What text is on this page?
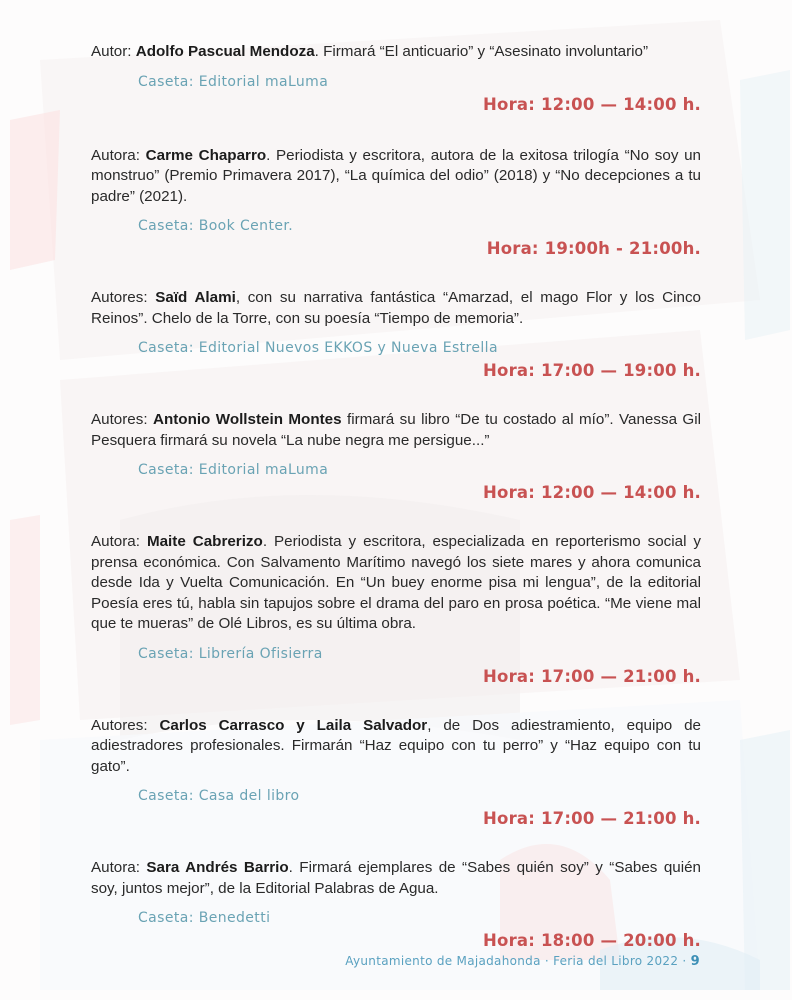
Autor: Adolfo Pascual Mendoza. Firmará “El anticuario” y “Asesinato involuntario”

Caseta: Editorial maLuma

Hora: 12:00 — 14:00 h.

Autora: Carme Chaparro. Periodista y escritora, autora de la exitosa trilogía “No soy un monstruo” (Premio Primavera 2017), “La química del odio” (2018) y “No decepciones a tu padre” (2021).

Caseta: Book Center.

Hora: 19:00h - 21:00h.

Autores: Saïd Alami, con su narrativa fantástica “Amarzad, el mago Flor y los Cinco Reinos”. Chelo de la Torre, con su poesía “Tiempo de memoria”.

Caseta: Editorial Nuevos EKKOS y Nueva Estrella

Hora: 17:00 — 19:00 h.

Autores: Antonio Wollstein Montes firmará su libro “De tu costado al mío”. Vanessa Gil Pesquera firmará su novela “La nube negra me persigue...”

Caseta: Editorial maLuma

Hora: 12:00 — 14:00 h.

Autora: Maite Cabrerizo. Periodista y escritora, especializada en reporterismo social y prensa económica. Con Salvamento Marítimo navegó los siete mares y ahora comunica desde Ida y Vuelta Comunicación. En “Un buey enorme pisa mi lengua”, de la editorial Poesía eres tú, habla sin tapujos sobre el drama del paro en prosa poética. “Me viene mal que te mueras” de Olé Libros, es su última obra.

Caseta: Librería Ofisierra

Hora: 17:00 — 21:00 h.

Autores: Carlos Carrasco y Laila Salvador, de Dos adiestramiento, equipo de adiestradores profesionales. Firmarán “Haz equipo con tu perro” y “Haz equipo con tu gato”.

Caseta: Casa del libro

Hora: 17:00 — 21:00 h.

Autora: Sara Andrés Barrio. Firmará ejemplares de “Sabes quién soy” y “Sabes quién soy, juntos mejor”, de la Editorial Palabras de Agua.

Caseta: Benedetti

Hora: 18:00 — 20:00 h.

Ayuntamiento de Majadahonda · Feria del Libro 2022 · 9
